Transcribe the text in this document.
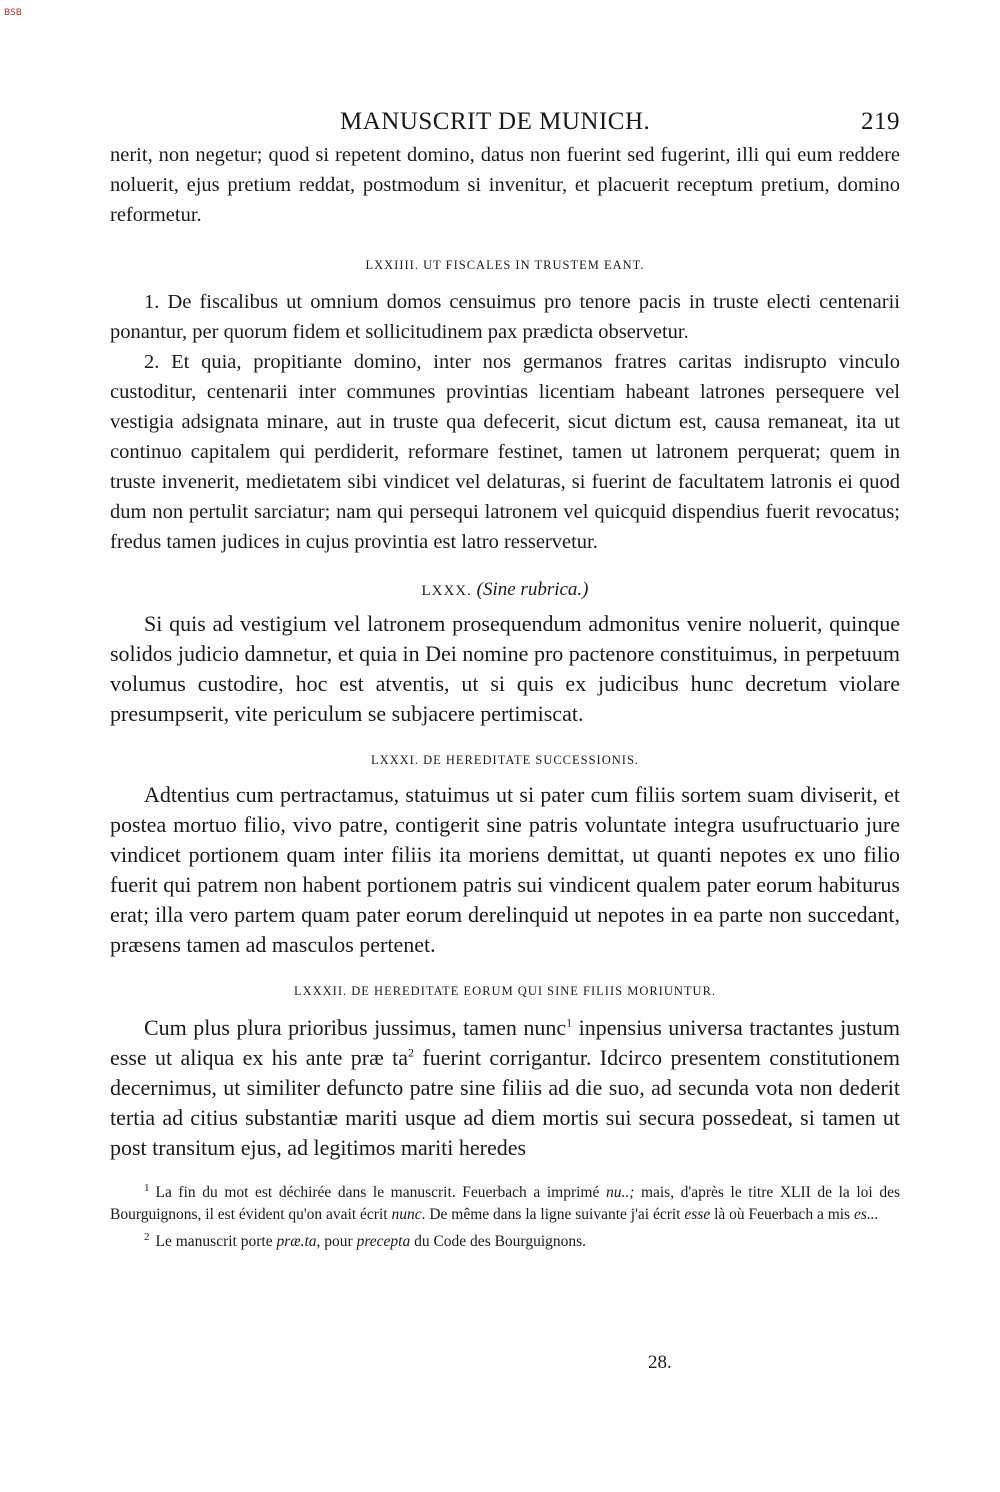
BSB
MANUSCRIT DE MUNICH.	219

nerit, non negetur; quod si repetent domino, datus non fuerint sed fugerint, illi qui eum reddere noluerit, ejus pretium reddat, postmodum si invenitur, et placuerit receptum pretium, domino reformetur.

LXXIIII. UT FISCALES IN TRUSTEM EANT.

1. De fiscalibus ut omnium domos censuimus pro tenore pacis in truste electi centenarii ponantur, per quorum fidem et sollicitudinem pax prædicta observetur.

2. Et quia, propitiante domino, inter nos germanos fratres caritas indisrupto vinculo custoditur, centenarii inter communes provintias licentiam habeant latrones persequere vel vestigia adsignata minare, aut in truste qua defecerit, sicut dictum est, causa remaneat, ita ut continuo capitalem qui perdiderit, reformare festinet, tamen ut latronem perquerat; quem in truste invenerit, medietatem sibi vindicet vel delaturas, si fuerint de facultatem latronis ei quod dum non pertulit sarciatur; nam qui persequi latronem vel quicquid dispendius fuerit revocatus; fredus tamen judices in cujus provintia est latro resservetur.

LXXX. (Sine rubrica.)

Si quis ad vestigium vel latronem prosequendum admonitus venire noluerit, quinque solidos judicio damnetur, et quia in Dei nomine pro pactenore constituimus, in perpetuum volumus custodire, hoc est atventis, ut si quis ex judicibus hunc decretum violare presumpserit, vite periculum se subjacere pertimiscat.

LXXXI. DE HEREDITATE SUCCESSIONIS.

Adtentius cum pertractamus, statuimus ut si pater cum filiis sortem suam diviserit, et postea mortuo filio, vivo patre, contigerit sine patris voluntate integra usufructuario jure vindicet portionem quam inter filiis ita moriens demittat, ut quanti nepotes ex uno filio fuerit qui patrem non habent portionem patris sui vindicent qualem pater eorum habiturus erat; illa vero partem quam pater eorum derelinquid ut nepotes in ea parte non succedant, præsens tamen ad masculos pertenet.

LXXXII. DE HEREDITATE EORUM QUI SINE FILIIS MORIUNTUR.

Cum plus plura prioribus jussimus, tamen nunc$^1$ inpensius universa tractantes justum esse ut aliqua ex his ante præ $ta^2$ fuerint corrigantur. Idcirco presentem constitutionem decernimus, ut similiter defuncto patre sine filiis ad die suo, ad secunda vota non dederit tertia ad citius substantiæ mariti usque ad diem mortis sui secura possedeat, si tamen ut post transitum ejus, ad legitimos mariti heredes

$^1$ La fin du mot est déchirée dans le manuscrit. Feuerbach a imprimé nu..; mais, d'après le titre XLII de la loi des Bourguignons, il est évident qu'on avait écrit nunc. De même dans la ligne suivante j'ai écrit esse là où Feuerbach a mis es...
$^2$ Le manuscrit porte præ.ta, pour precepta du Code des Bourguignons.
28.
